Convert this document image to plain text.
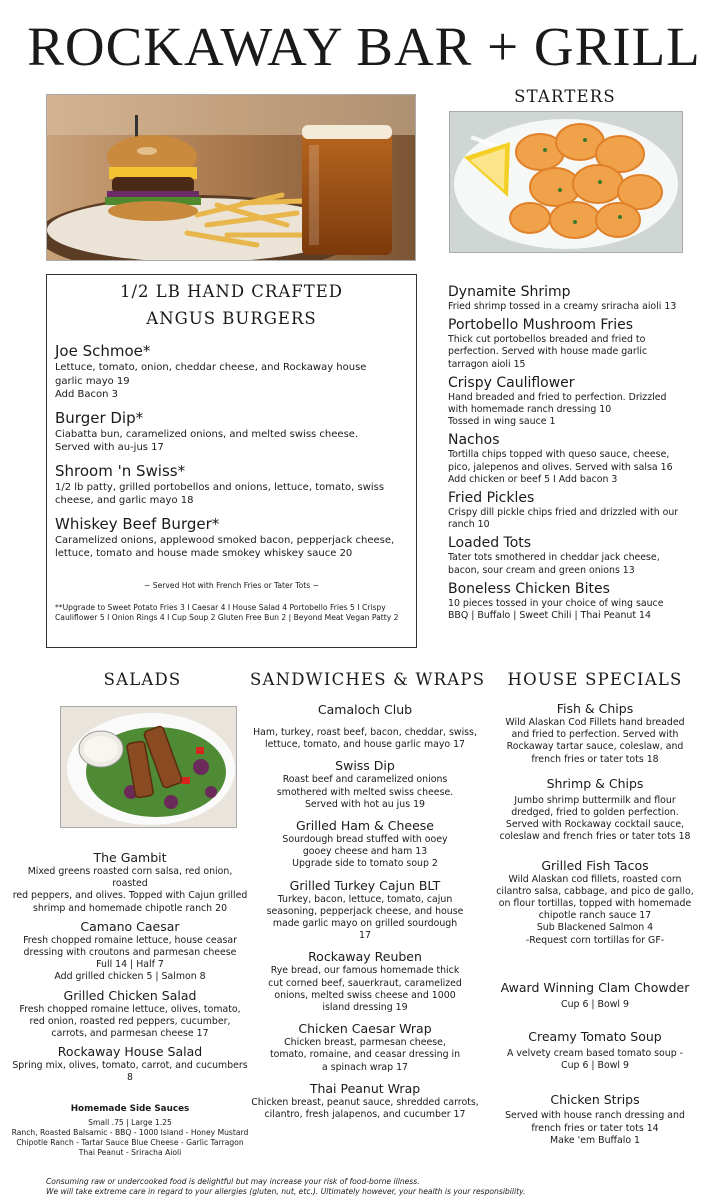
ROCKAWAY BAR + GRILL
STARTERS
1/2 LB HAND CRAFTED
ANGUS BURGERS
Joe Schmoe*
Lettuce, tomato, onion, cheddar cheese, and Rockaway house
garlic mayo 19
Add Bacon 3
Burger Dip*
Ciabatta bun, caramelized onions, and melted swiss cheese.
Served with au-jus 17
Shroom 'n Swiss*
1/2 lb patty, grilled portobellos and onions, lettuce, tomato, swiss
cheese, and garlic mayo 18
Whiskey Beef Burger*
Caramelized onions, applewood smoked bacon, pepperjack cheese,
lettuce, tomato and house made smokey whiskey sauce 20
~ Served Hot with French Fries or Tater Tots ~
**Upgrade to Sweet Potato Fries 3 I Caesar 4 I House Salad 4 Portobello Fries 5 I Crispy
Cauliflower 5 I Onion Rings 4 I Cup Soup 2 Gluten Free Bun 2 | Beyond Meat Vegan Patty 2
Dynamite Shrimp
Fried shrimp tossed in a creamy sriracha aioli 13
Portobello Mushroom Fries
Thick cut portobellos breaded and fried to
perfection. Served with house made garlic
tarragon aioli 15
Crispy Cauliflower
Hand breaded and fried to perfection. Drizzled
with homemade ranch dressing 10
Tossed in wing sauce 1
Nachos
Tortilla chips topped with queso sauce, cheese,
pico, jalepenos and olives. Served with salsa 16
Add chicken or beef 5 I Add bacon 3
Fried Pickles
Crispy dill pickle chips fried and drizzled with our
ranch 10
Loaded Tots
Tater tots smothered in cheddar jack cheese,
bacon, sour cream and green onions 13
Boneless Chicken Bites
10 pieces tossed in your choice of wing sauce
BBQ | Buffalo | Sweet Chili | Thai Peanut 14
SALADS	SANDWICHES & WRAPS	HOUSE SPECIALS
The Gambit
Mixed greens roasted corn salsa, red onion, roasted
red peppers, and olives. Topped with Cajun grilled
shrimp and homemade chipotle ranch 20
Camano Caesar
Fresh chopped romaine lettuce, house ceasar
dressing with croutons and parmesan cheese
Full 14 | Half 7
Add grilled chicken 5 | Salmon 8
Grilled Chicken Salad
Fresh chopped romaine lettuce, olives, tomato,
red onion, roasted red peppers, cucumber,
carrots, and parmesan cheese 17
Rockaway House Salad
Spring mix, olives, tomato, carrot, and cucumbers 8
Homemade Side Sauces
Small .75 | Large 1.25
Ranch, Roasted Balsamic - BBQ - 1000 Island - Honey Mustard
Chipotle Ranch - Tartar Sauce Blue Cheese - Garlic Tarragon
Thai Peanut - Sriracha Aioli
Camaloch Club
Ham, turkey, roast beef, bacon, cheddar, swiss,
lettuce, tomato, and house garlic mayo 17
Swiss Dip
Roast beef and caramelized onions
smothered with melted swiss cheese.
Served with hot au jus 19
Grilled Ham & Cheese
Sourdough bread stuffed with ooey
gooey cheese and ham 13
Upgrade side to tomato soup 2
Grilled Turkey Cajun BLT
Turkey, bacon, lettuce, tomato, cajun
seasoning, pepperjack cheese, and house
made garlic mayo on grilled sourdough
17
Rockaway Reuben
Rye bread, our famous homemade thick
cut corned beef, sauerkraut, caramelized
onions, melted swiss cheese and 1000
island dressing 19
Chicken Caesar Wrap
Chicken breast, parmesan cheese,
tomato, romaine, and ceasar dressing in
a spinach wrap 17
Thai Peanut Wrap
Chicken breast, peanut sauce, shredded carrots,
cilantro, fresh jalapenos, and cucumber 17
Fish & Chips
Wild Alaskan Cod Fillets hand breaded
and fried to perfection. Served with
Rockaway tartar sauce, coleslaw, and
french fries or tater tots 18
Shrimp & Chips
Jumbo shrimp buttermilk and flour
dredged, fried to golden perfection.
Served with Rockaway cocktail sauce,
coleslaw and french fries or tater tots 18
Grilled Fish Tacos
Wild Alaskan cod fillets, roasted corn
cilantro salsa, cabbage, and pico de gallo,
on flour tortillas, topped with homemade
chipotle ranch sauce 17
Sub Blackened Salmon 4
-Request corn tortillas for GF-
Award Winning Clam Chowder
Cup 6 | Bowl 9
Creamy Tomato Soup
A velvety cream based tomato soup -
Cup 6 | Bowl 9
Chicken Strips
Served with house ranch dressing and
french fries or tater tots 14
Make 'em Buffalo 1
Consuming raw or undercooked food is delightful but may increase your risk of food-borne illness.
We will take extreme care in regard to your allergies (gluten, nut, etc.). Ultimately however, your health is your responsibility.
